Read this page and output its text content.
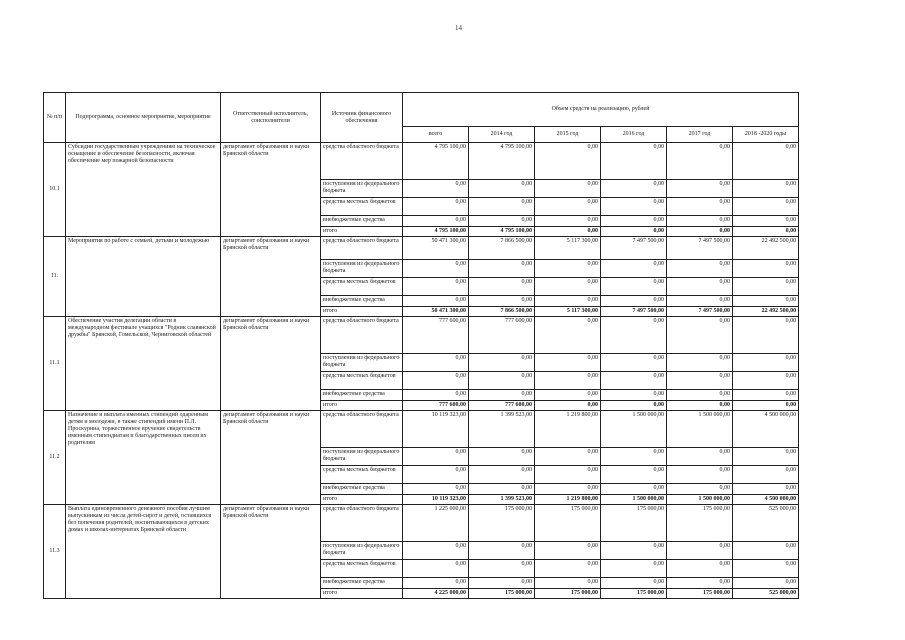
14
№ п/п	Подпрограмма, основное мероприятие, мероприятие	Ответственный исполнитель, соисполнители	Источник финансового обеспечения	Объем средств на реализацию, рублей					
				всего	2014 год	2015 год	2016 год	2017 год	2018 -2020 годы
10.1	Субсидии государственным учреждениям на техническое оснащение и обеспечение безопасности, включая обеспечение мер пожарной безопасности	департамент образования и науки Брянской области	средства областного бюджета	4 795 100,00	4 795 100,00	0,00	0,00	0,00	0,00
			поступления из федерального бюджета	0,00	0,00	0,00	0,00	0,00	0,00
			средства местных бюджетов	0,00	0,00	0,00	0,00	0,00	0,00
			внебюджетные средства	0,00	0,00	0,00	0,00	0,00	0,00
			итого	4 795 100,00	4 795 100,00	0,00	0,00	0,00	0,00
11.	Мероприятия по работе с семьей, детьми и молодежью	департамент образования и науки Брянской области	средства областного бюджета	50 471 300,00	7 866 500,00	5 117 300,00	7 497 500,00	7 497 500,00	22 492 500,00
			поступления из федерального бюджета	0,00	0,00	0,00	0,00	0,00	0,00
			средства местных бюджетов	0,00	0,00	0,00	0,00	0,00	0,00
			внебюджетные средства	0,00	0,00	0,00	0,00	0,00	0,00
			итого	50 471 300,00	7 866 500,00	5 117 300,00	7 497 500,00	7 497 500,00	22 492 500,00
11.1	Обеспечение участия делегации области в международном фестивале учащихся "Родник славянской дружбы" Брянской, Гомельской, Черниговской областей	департамент образования и науки Брянской области	средства областного бюджета	777 600,00	777 600,00	0,00	0,00	0,00	0,00
			поступления из федерального бюджета	0,00	0,00	0,00	0,00	0,00	0,00
			средства местных бюджетов	0,00	0,00	0,00	0,00	0,00	0,00
			внебюджетные средства	0,00	0,00	0,00	0,00	0,00	0,00
			итого	777 600,00	777 600,00	0,00	0,00	0,00	0,00
11.2	Назначение и выплата именных стипендий одаренным детям и молодежи, в также стипендий имени П.Л. Проскурина, торжественное вручение свидетельств именным стипендиатам и благодарственных писем их родителям	департамент образования и науки Брянской области	средства областного бюджета	10 119 323,00	1 399 523,00	1 219 800,00	1 500 000,00	1 500 000,00	4 500 000,00
			поступления из федерального бюджета	0,00	0,00	0,00	0,00	0,00	0,00
			средства местных бюджетов	0,00	0,00	0,00	0,00	0,00	0,00
			внебюджетные средства	0,00	0,00	0,00	0,00	0,00	0,00
			итого	10 119 323,00	1 399 523,00	1 219 800,00	1 500 000,00	1 500 000,00	4 500 000,00
11.3	Выплата единовременного денежного пособия лучшим выпускникам из числа детей-сирот и детей, оставшихся без попечения родителей, воспитывающихся в детских домах и школах-интернатах Брянской области	департамент образования и науки Брянской области	средства областного бюджета	1 225 000,00	175 000,00	175 000,00	175 000,00	175 000,00	525 000,00
			поступления из федерального бюджета	0,00	0,00	0,00	0,00	0,00	0,00
			средства местных бюджетов	0,00	0,00	0,00	0,00	0,00	0,00
			внебюджетные средства	0,00	0,00	0,00	0,00	0,00	0,00
			итого	4 225 000,00	175 000,00	175 000,00	175 000,00	175 000,00	525 000,00
